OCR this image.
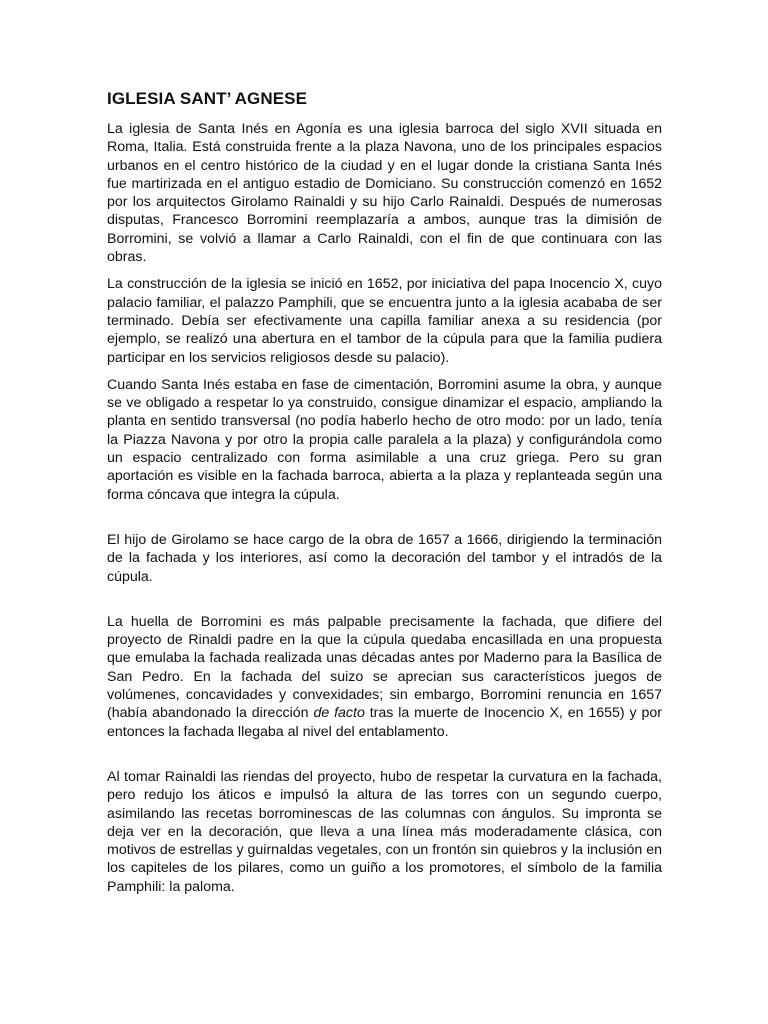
IGLESIA SANT’ AGNESE

La iglesia de Santa Inés en Agonía es una iglesia barroca del siglo XVII situada en Roma, Italia. Está construida frente a la plaza Navona, uno de los principales espacios urbanos en el centro histórico de la ciudad y en el lugar donde la cristiana Santa Inés fue martirizada en el antiguo estadio de Domiciano. Su construcción comenzó en 1652 por los arquitectos Girolamo Rainaldi y su hijo Carlo Rainaldi. Después de numerosas disputas, Francesco Borromini reemplazaría a ambos, aunque tras la dimisión de Borromini, se volvió a llamar a Carlo Rainaldi, con el fin de que continuara con las obras.

La construcción de la iglesia se inició en 1652, por iniciativa del papa Inocencio X, cuyo palacio familiar, el palazzo Pamphili, que se encuentra junto a la iglesia acababa de ser terminado. Debía ser efectivamente una capilla familiar anexa a su residencia (por ejemplo, se realizó una abertura en el tambor de la cúpula para que la familia pudiera participar en los servicios religiosos desde su palacio).

Cuando Santa Inés estaba en fase de cimentación, Borromini asume la obra, y aunque se ve obligado a respetar lo ya construido, consigue dinamizar el espacio, ampliando la planta en sentido transversal (no podía haberlo hecho de otro modo: por un lado, tenía la Piazza Navona y por otro la propia calle paralela a la plaza) y configurándola como un espacio centralizado con forma asimilable a una cruz griega. Pero su gran aportación es visible en la fachada barroca, abierta a la plaza y replanteada según una forma cóncava que integra la cúpula.

El hijo de Girolamo se hace cargo de la obra de 1657 a 1666, dirigiendo la terminación de la fachada y los interiores, así como la decoración del tambor y el intradós de la cúpula.

La huella de Borromini es más palpable precisamente la fachada, que difiere del proyecto de Rinaldi padre en la que la cúpula quedaba encasillada en una propuesta que emulaba la fachada realizada unas décadas antes por Maderno para la Basílica de San Pedro. En la fachada del suizo se aprecian sus característicos juegos de volúmenes, concavidades y convexidades; sin embargo, Borromini renuncia en 1657 (había abandonado la dirección de facto tras la muerte de Inocencio X, en 1655) y por entonces la fachada llegaba al nivel del entablamento.

Al tomar Rainaldi las riendas del proyecto, hubo de respetar la curvatura en la fachada, pero redujo los áticos e impulsó la altura de las torres con un segundo cuerpo, asimilando las recetas borrominescas de las columnas con ángulos. Su impronta se deja ver en la decoración, que lleva a una línea más moderadamente clásica, con motivos de estrellas y guirnaldas vegetales, con un frontón sin quiebros y la inclusión en los capiteles de los pilares, como un guiño a los promotores, el símbolo de la familia Pamphili: la paloma.
